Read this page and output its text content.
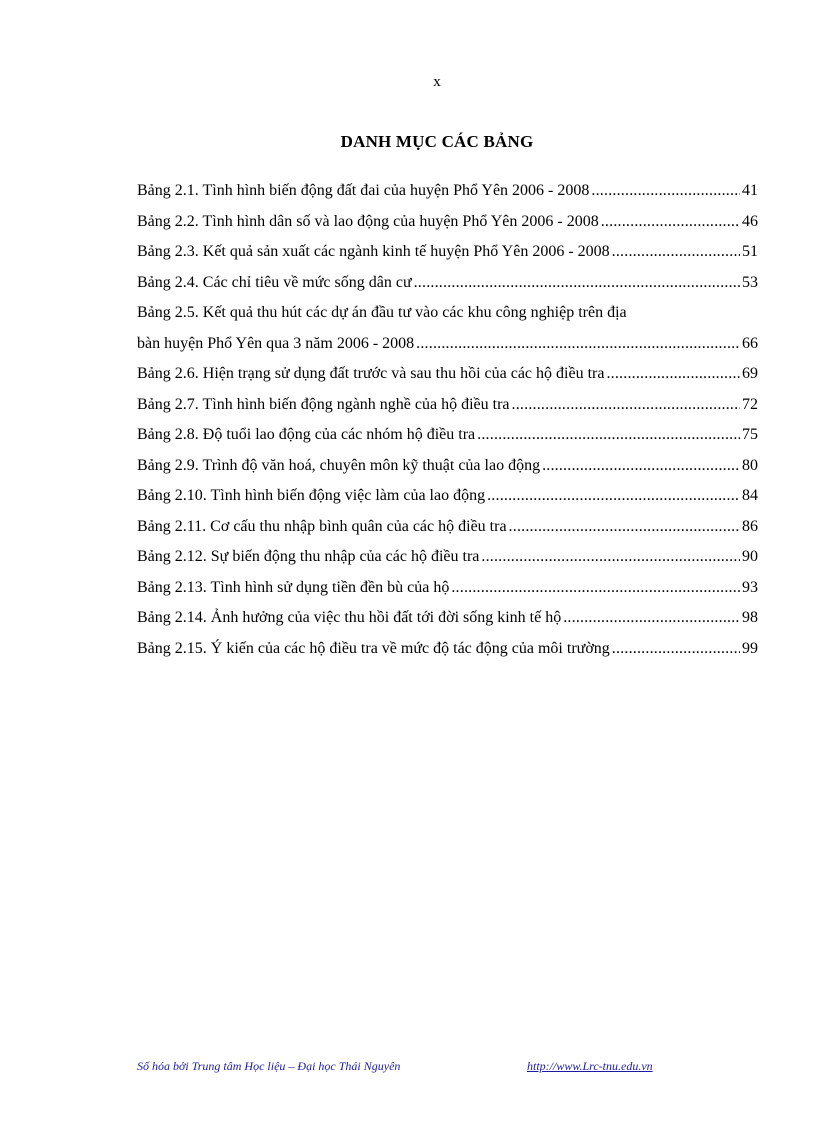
x
DANH MỤC CÁC BẢNG
Bảng 2.1. Tình hình biến động đất đai của huyện Phổ Yên 2006 - 2008 .....	41
Bảng 2.2. Tình hình dân số và lao động của huyện Phổ Yên 2006 - 2008 .....	46
Bảng 2.3. Kết quả sản xuất các ngành kinh tế huyện Phổ Yên 2006 - 2008 .....	51
Bảng 2.4. Các chỉ tiêu về mức sống dân cư .....	53
Bảng 2.5. Kết quả thu hút các dự án đầu tư vào các khu công nghiệp trên địa
bàn huyện Phổ Yên qua 3 năm 2006 - 2008 .....	66
Bảng 2.6. Hiện trạng sử dụng đất trước và sau thu hồi của các hộ điều tra .....	69
Bảng 2.7. Tình hình biến động ngành nghề của hộ điều tra .....	72
Bảng 2.8. Độ tuổi lao động của các nhóm hộ điều tra .....	75
Bảng 2.9. Trình độ văn hoá, chuyên môn kỹ thuật của lao động .....	80
Bảng 2.10. Tình hình biến động việc làm của lao động .....	84
Bảng 2.11. Cơ cấu thu nhập bình quân của các hộ điều tra .....	86
Bảng 2.12. Sự biến động thu nhập của các hộ điều tra .....	90
Bảng 2.13. Tình hình sử dụng tiền đền bù của hộ .....	93
Bảng 2.14. Ảnh hưởng của việc thu hồi đất tới đời sống kinh tế hộ .....	98
Bảng 2.15. Ý kiến của các hộ điều tra về mức độ tác động của môi trường .....	99
Số hóa bởi Trung tâm Học liệu – Đại học Thái Nguyên	http://www.Lrc-tnu.edu.vn
